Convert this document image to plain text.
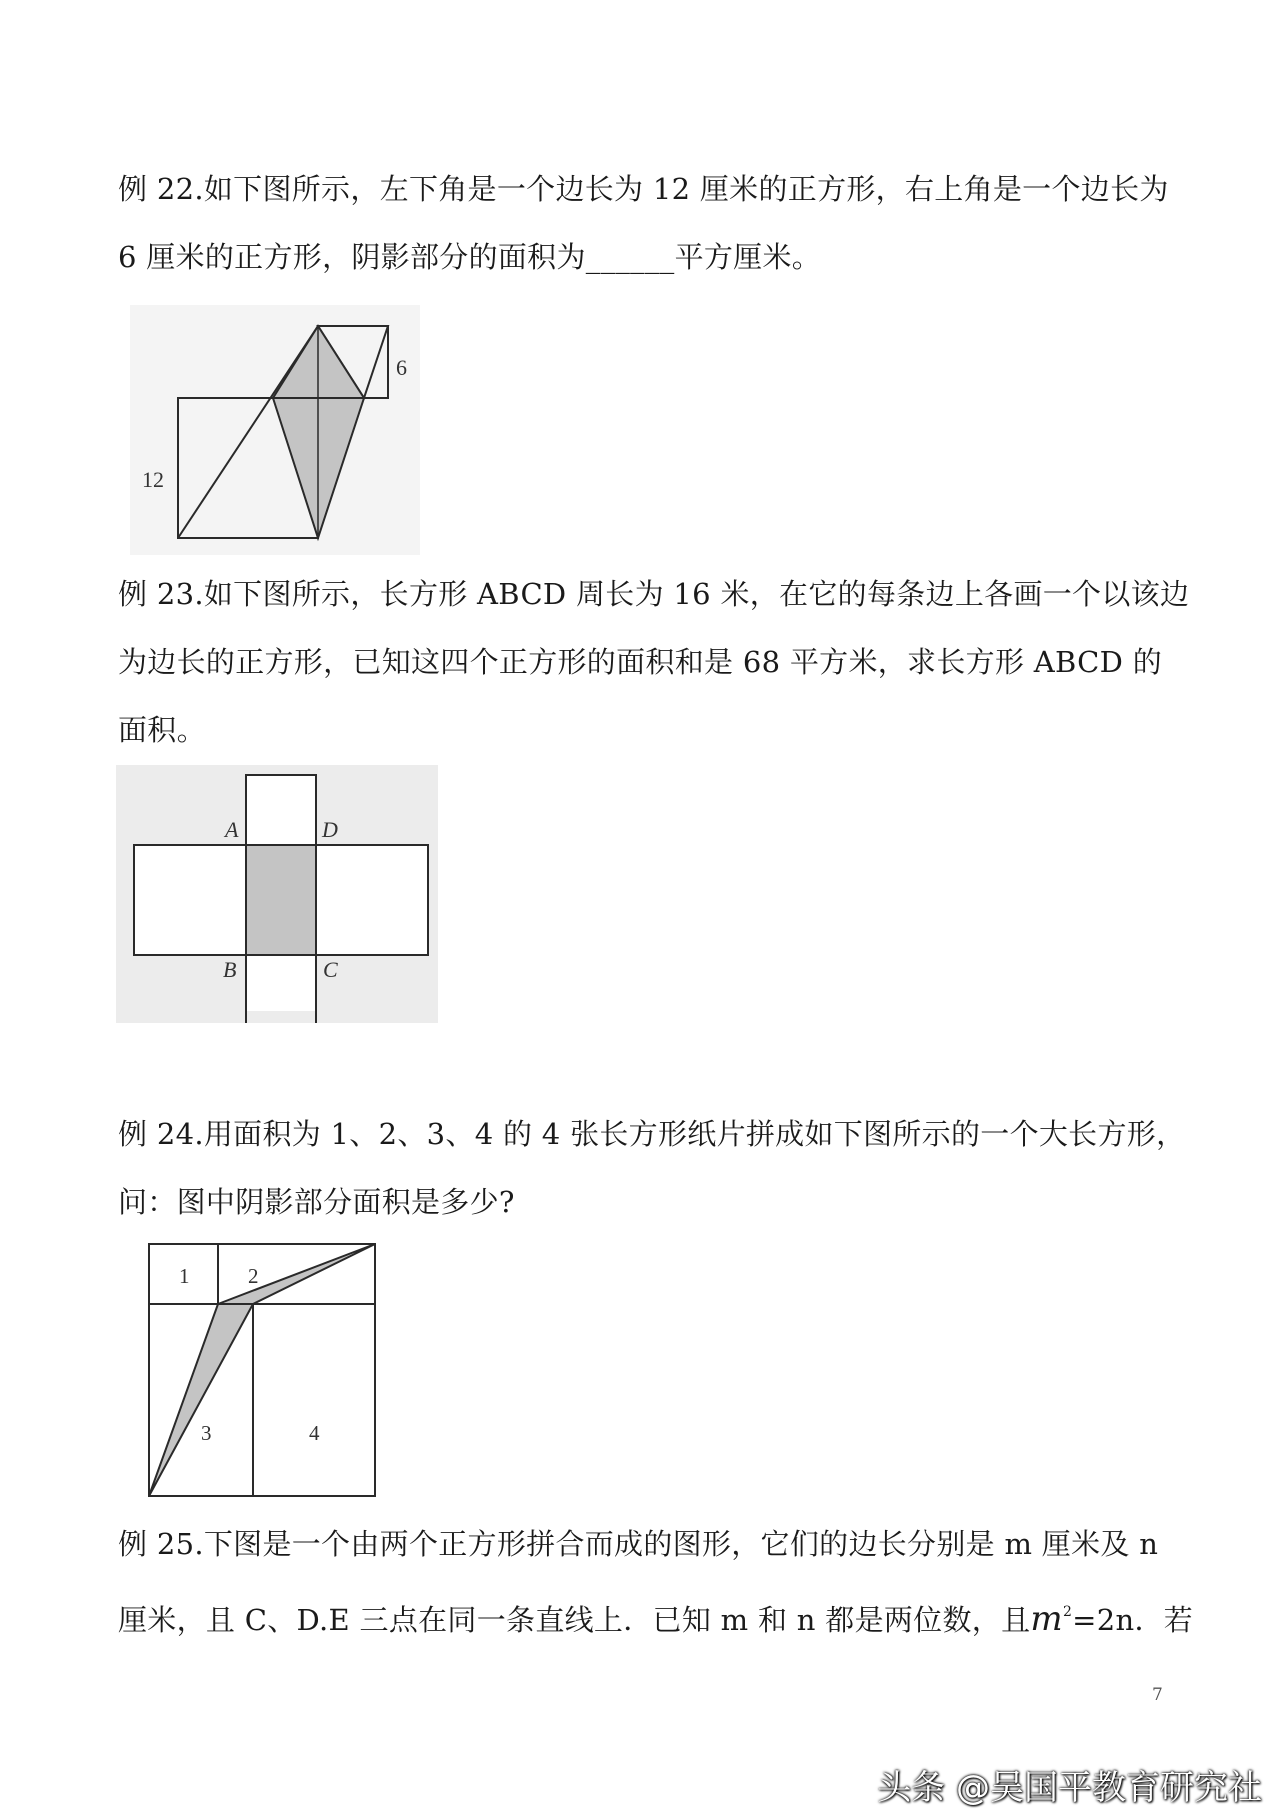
例 22.如下图所示，左下角是一个边长为 12 厘米的正方形，右上角是一个边长为
6 厘米的正方形，阴影部分的面积为______平方厘米。
12
6
例 23.如下图所示，长方形 ABCD 周长为 16 米，在它的每条边上各画一个以该边
为边长的正方形，已知这四个正方形的面积和是 68 平方米，求长方形 ABCD 的
面积。
A	D
B	C
例 24.用面积为 1、2、3、4 的 4 张长方形纸片拼成如下图所示的一个大长方形，
问：图中阴影部分面积是多少?
1	2
3	4
例 25.下图是一个由两个正方形拼合而成的图形，它们的边长分别是 m 厘米及 n
厘米，且 C、D.E 三点在同一条直线上．已知 m 和 n 都是两位数，且$m^2=2n$．若
7
头条 @吴国平教育研究社
